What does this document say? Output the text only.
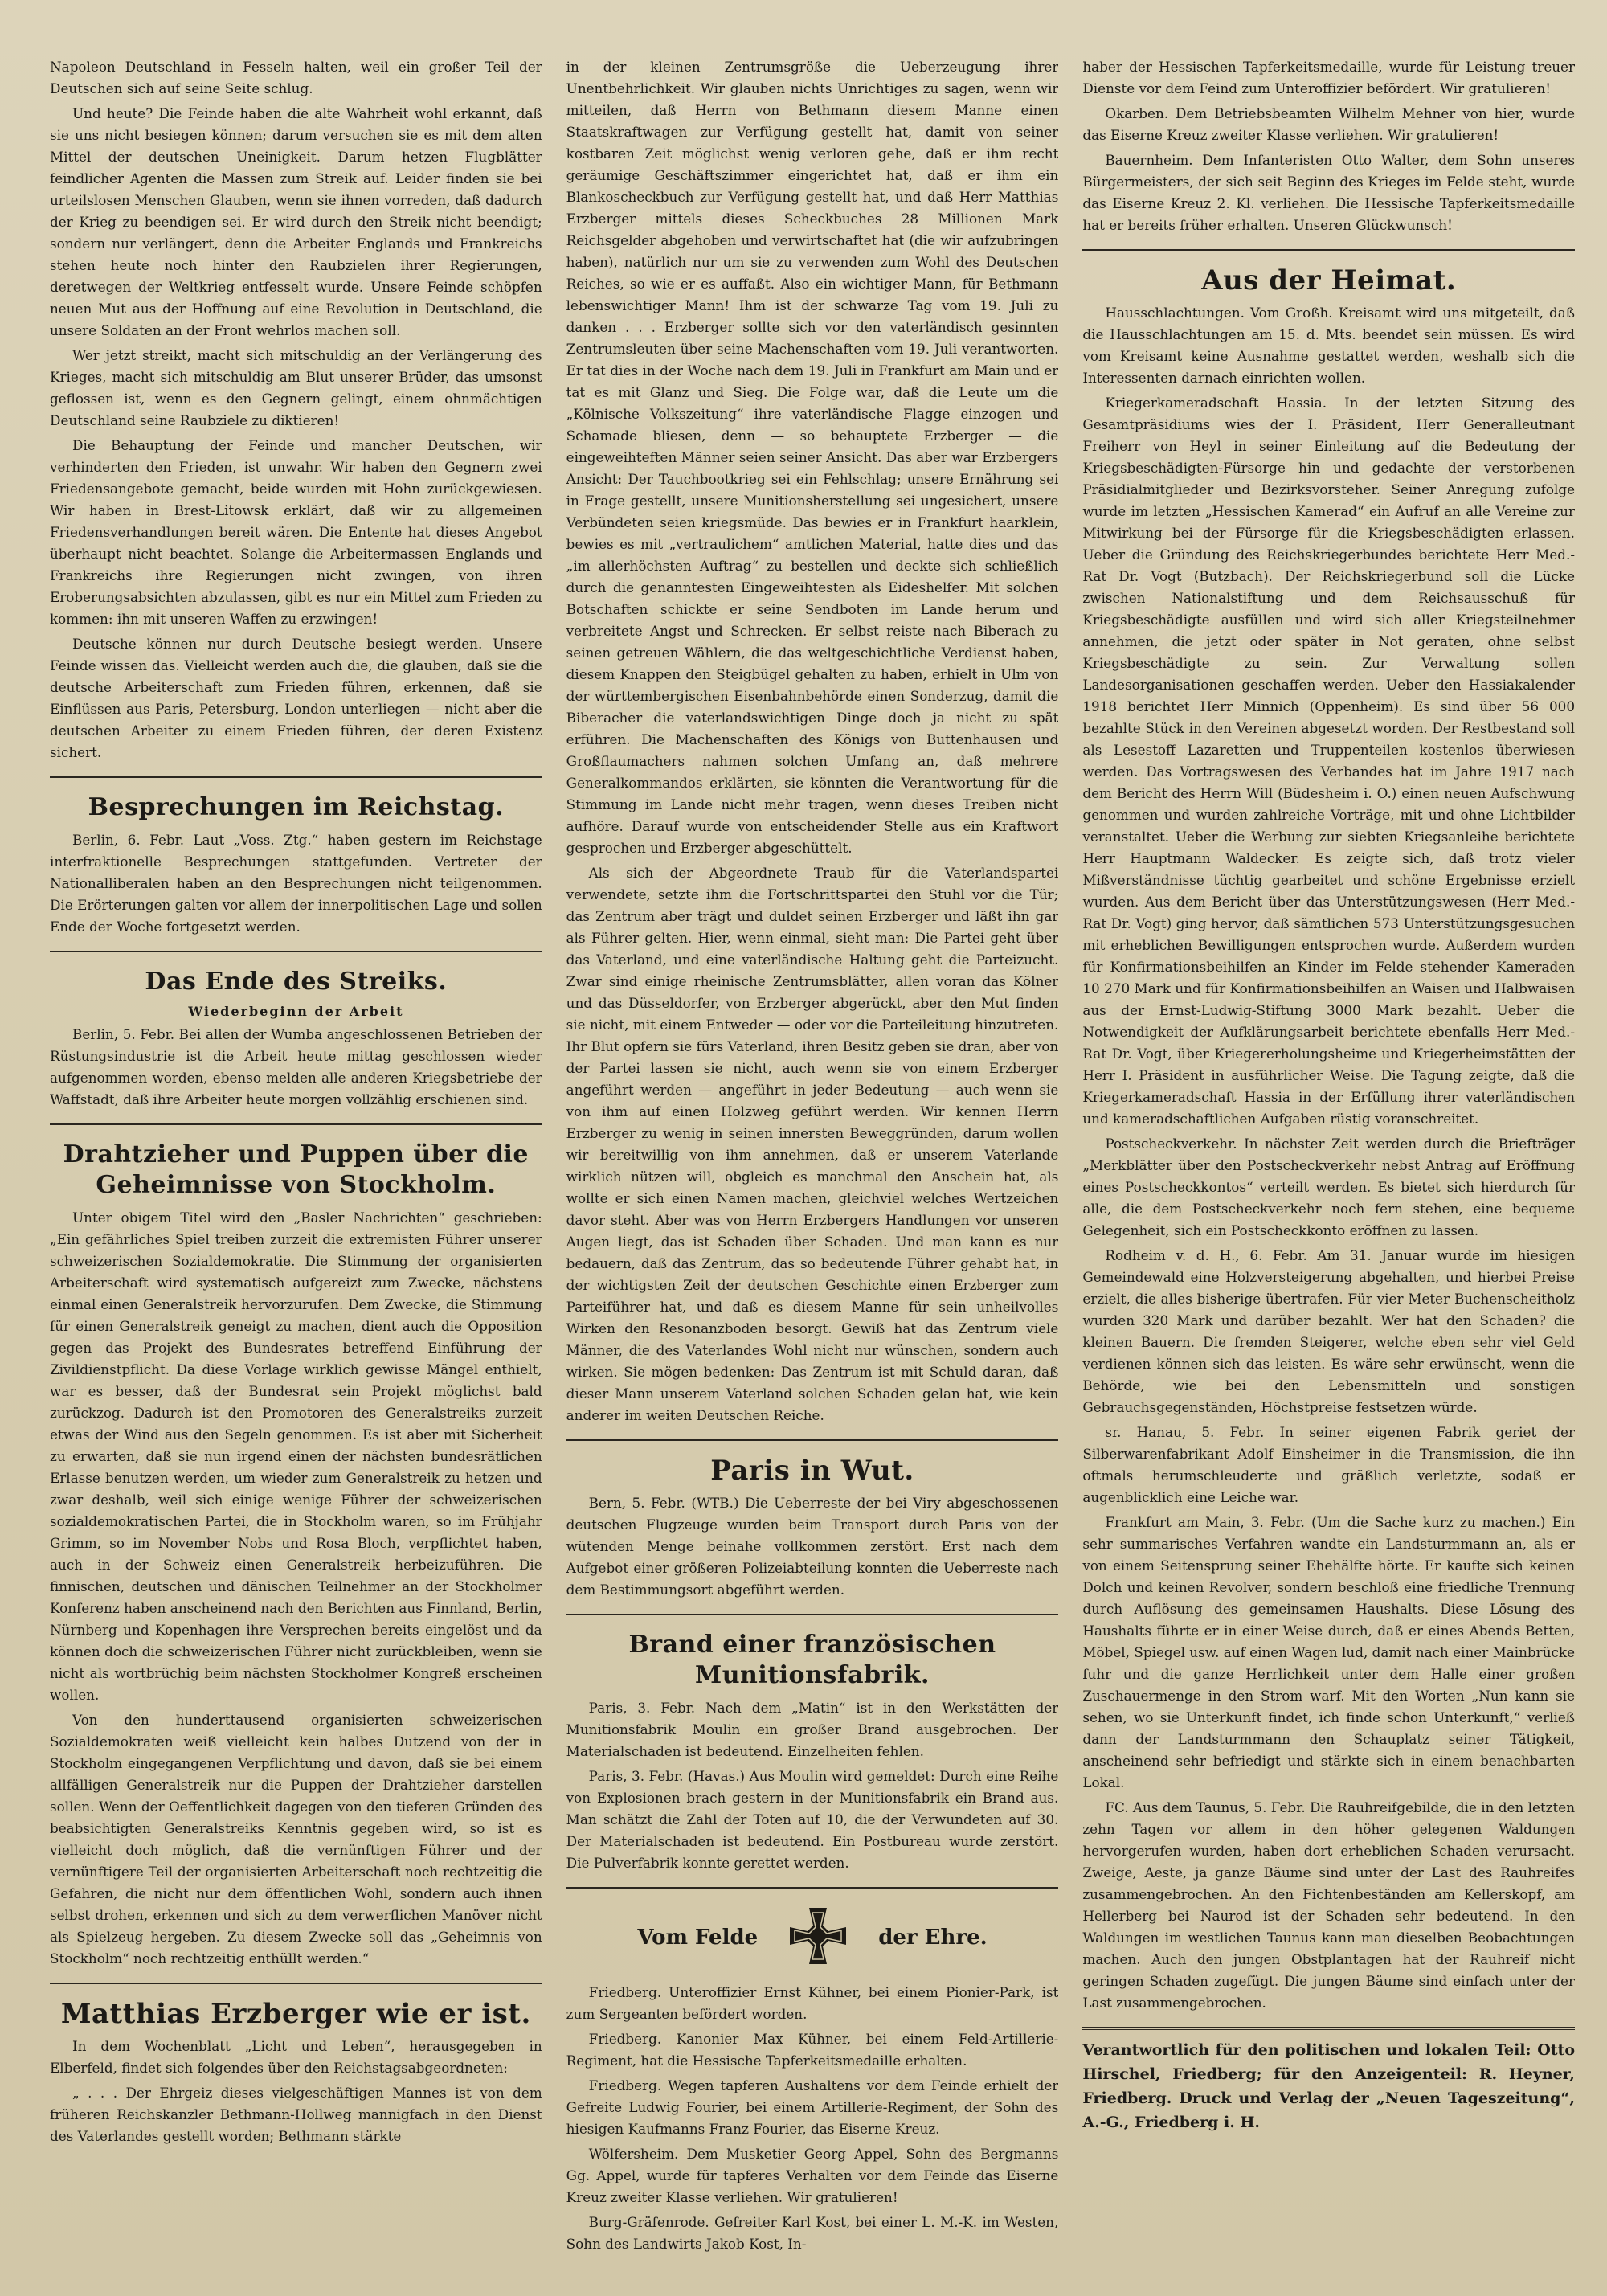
Napoleon Deutschland in Fesseln halten, weil ein großer Teil der Deutschen sich auf seine Seite schlug.

Und heute? Die Feinde haben die alte Wahrheit wohl erkannt, daß sie uns nicht besiegen können; darum versuchen sie es mit dem alten Mittel der deutschen Uneinigkeit. Darum hetzen Flugblätter feindlicher Agenten die Massen zum Streik auf. Leider finden sie bei urteilslosen Menschen Glauben, wenn sie ihnen vorreden, daß dadurch der Krieg zu beendigen sei. Er wird durch den Streik nicht beendigt; sondern nur verlängert, denn die Arbeiter Englands und Frankreichs stehen heute noch hinter den Raubzielen ihrer Regierungen, deretwegen der Weltkrieg entfesselt wurde. Unsere Feinde schöpfen neuen Mut aus der Hoffnung auf eine Revolution in Deutschland, die unsere Soldaten an der Front wehrlos machen soll.

Wer jetzt streikt, macht sich mitschuldig an der Verlängerung des Krieges, macht sich mitschuldig am Blut unserer Brüder, das umsonst geflossen ist, wenn es den Gegnern gelingt, einem ohnmächtigen Deutschland seine Raubziele zu diktieren!

Die Behauptung der Feinde und mancher Deutschen, wir verhinderten den Frieden, ist unwahr. Wir haben den Gegnern zwei Friedensangebote gemacht, beide wurden mit Hohn zurückgewiesen. Wir haben in Brest-Litowsk erklärt, daß wir zu allgemeinen Friedensverhandlungen bereit wären. Die Entente hat dieses Angebot überhaupt nicht beachtet. Solange die Arbeitermassen Englands und Frankreichs ihre Regierungen nicht zwingen, von ihren Eroberungsabsichten abzulassen, gibt es nur ein Mittel zum Frieden zu kommen: ihn mit unseren Waffen zu erzwingen!

Deutsche können nur durch Deutsche besiegt werden. Unsere Feinde wissen das. Vielleicht werden auch die, die glauben, daß sie die deutsche Arbeiterschaft zum Frieden führen, erkennen, daß sie Einflüssen aus Paris, Petersburg, London unterliegen — nicht aber die deutschen Arbeiter zu einem Frieden führen, der deren Existenz sichert.

Besprechungen im Reichstag.

Berlin, 6. Febr. Laut „Voss. Ztg.“ haben gestern im Reichstage interfraktionelle Besprechungen stattgefunden. Vertreter der Nationalliberalen haben an den Besprechungen nicht teilgenommen. Die Erörterungen galten vor allem der innerpolitischen Lage und sollen Ende der Woche fortgesetzt werden.

Das Ende des Streiks.
Wiederbeginn der Arbeit

Berlin, 5. Febr. Bei allen der Wumba angeschlossenen Betrieben der Rüstungsindustrie ist die Arbeit heute mittag geschlossen wieder aufgenommen worden, ebenso melden alle anderen Kriegsbetriebe der Waffstadt, daß ihre Arbeiter heute morgen vollzählig erschienen sind.

Drahtzieher und Puppen über die Geheimnisse von Stockholm.

Unter obigem Titel wird den „Basler Nachrichten“ geschrieben: „Ein gefährliches Spiel treiben zurzeit die extremisten Führer unserer schweizerischen Sozialdemokratie. Die Stimmung der organisierten Arbeiterschaft wird systematisch aufgereizt zum Zwecke, nächstens einmal einen Generalstreik hervorzurufen. Dem Zwecke, die Stimmung für einen Generalstreik geneigt zu machen, dient auch die Opposition gegen das Projekt des Bundesrates betreffend Einführung der Zivildienstpflicht. Da diese Vorlage wirklich gewisse Mängel enthielt, war es besser, daß der Bundesrat sein Projekt möglichst bald zurückzog. Dadurch ist den Promotoren des Generalstreiks zurzeit etwas der Wind aus den Segeln genommen. Es ist aber mit Sicherheit zu erwarten, daß sie nun irgend einen der nächsten bundesrätlichen Erlasse benutzen werden, um wieder zum Generalstreik zu hetzen und zwar deshalb, weil sich einige wenige Führer der schweizerischen sozialdemokratischen Partei, die in Stockholm waren, so im Frühjahr Grimm, so im November Nobs und Rosa Bloch, verpflichtet haben, auch in der Schweiz einen Generalstreik herbeizuführen. Die finnischen, deutschen und dänischen Teilnehmer an der Stockholmer Konferenz haben anscheinend nach den Berichten aus Finnland, Berlin, Nürnberg und Kopenhagen ihre Versprechen bereits eingelöst und da können doch die schweizerischen Führer nicht zurückbleiben, wenn sie nicht als wortbrüchig beim nächsten Stockholmer Kongreß erscheinen wollen.

Von den hunderttausend organisierten schweizerischen Sozialdemokraten weiß vielleicht kein halbes Dutzend von der in Stockholm eingegangenen Verpflichtung und davon, daß sie bei einem allfälligen Generalstreik nur die Puppen der Drahtzieher darstellen sollen. Wenn der Oeffentlichkeit dagegen von den tieferen Gründen des beabsichtigten Generalstreiks Kenntnis gegeben wird, so ist es vielleicht doch möglich, daß die vernünftigen Führer und der vernünftigere Teil der organisierten Arbeiterschaft noch rechtzeitig die Gefahren, die nicht nur dem öffentlichen Wohl, sondern auch ihnen selbst drohen, erkennen und sich zu dem verwerflichen Manöver nicht als Spielzeug hergeben. Zu diesem Zwecke soll das „Geheimnis von Stockholm“ noch rechtzeitig enthüllt werden.“

Matthias Erzberger wie er ist.

In dem Wochenblatt „Licht und Leben“, herausgegeben in Elberfeld, findet sich folgendes über den Reichstagsabgeordneten:

„ . . . Der Ehrgeiz dieses vielgeschäftigen Mannes ist von dem früheren Reichskanzler Bethmann-Hollweg mannigfach in den Dienst des Vaterlandes gestellt worden; Bethmann stärkte

in der kleinen Zentrumsgröße die Ueberzeugung ihrer Unentbehrlichkeit. Wir glauben nichts Unrichtiges zu sagen, wenn wir mitteilen, daß Herrn von Bethmann diesem Manne einen Staatskraftwagen zur Verfügung gestellt hat, damit von seiner kostbaren Zeit möglichst wenig verloren gehe, daß er ihm recht geräumige Geschäftszimmer eingerichtet hat, daß er ihm ein Blankoscheckbuch zur Verfügung gestellt hat, und daß Herr Matthias Erzberger mittels dieses Scheckbuches 28 Millionen Mark Reichsgelder abgehoben und verwirtschaftet hat (die wir aufzubringen haben), natürlich nur um sie zu verwenden zum Wohl des Deutschen Reiches, so wie er es auffaßt. Also ein wichtiger Mann, für Bethmann lebenswichtiger Mann! Ihm ist der schwarze Tag vom 19. Juli zu danken . . . Erzberger sollte sich vor den vaterländisch gesinnten Zentrumsleuten über seine Machenschaften vom 19. Juli verantworten. Er tat dies in der Woche nach dem 19. Juli in Frankfurt am Main und er tat es mit Glanz und Sieg. Die Folge war, daß die Leute um die „Kölnische Volkszeitung“ ihre vaterländische Flagge einzogen und Schamade bliesen, denn — so behauptete Erzberger — die eingeweihteften Männer seien seiner Ansicht. Das aber war Erzbergers Ansicht: Der Tauchbootkrieg sei ein Fehlschlag; unsere Ernährung sei in Frage gestellt, unsere Munitionsherstellung sei ungesichert, unsere Verbündeten seien kriegsmüde. Das bewies er in Frankfurt haarklein, bewies es mit „vertraulichem“ amtlichen Material, hatte dies und das „im allerhöchsten Auftrag“ zu bestellen und deckte sich schließlich durch die genanntesten Eingeweihtesten als Eideshelfer. Mit solchen Botschaften schickte er seine Sendboten im Lande herum und verbreitete Angst und Schrecken. Er selbst reiste nach Biberach zu seinen getreuen Wählern, die das weltgeschichtliche Verdienst haben, diesem Knappen den Steigbügel gehalten zu haben, erhielt in Ulm von der württembergischen Eisenbahnbehörde einen Sonderzug, damit die Biberacher die vaterlandswichtigen Dinge doch ja nicht zu spät erführen. Die Machenschaften des Königs von Buttenhausen und Großflaumachers nahmen solchen Umfang an, daß mehrere Generalkommandos erklärten, sie könnten die Verantwortung für die Stimmung im Lande nicht mehr tragen, wenn dieses Treiben nicht aufhöre. Darauf wurde von entscheidender Stelle aus ein Kraftwort gesprochen und Erzberger abgeschüttelt.

Als sich der Abgeordnete Traub für die Vaterlandspartei verwendete, setzte ihm die Fortschrittspartei den Stuhl vor die Tür; das Zentrum aber trägt und duldet seinen Erzberger und läßt ihn gar als Führer gelten. Hier, wenn einmal, sieht man: Die Partei geht über das Vaterland, und eine vaterländische Haltung geht die Parteizucht. Zwar sind einige rheinische Zentrumsblätter, allen voran das Kölner und das Düsseldorfer, von Erzberger abgerückt, aber den Mut finden sie nicht, mit einem Entweder — oder vor die Parteileitung hinzutreten. Ihr Blut opfern sie fürs Vaterland, ihren Besitz geben sie dran, aber von der Partei lassen sie nicht, auch wenn sie von einem Erzberger angeführt werden — angeführt in jeder Bedeutung — auch wenn sie von ihm auf einen Holzweg geführt werden. Wir kennen Herrn Erzberger zu wenig in seinen innersten Beweggründen, darum wollen wir bereitwillig von ihm annehmen, daß er unserem Vaterlande wirklich nützen will, obgleich es manchmal den Anschein hat, als wollte er sich einen Namen machen, gleichviel welches Wertzeichen davor steht. Aber was von Herrn Erzbergers Handlungen vor unseren Augen liegt, das ist Schaden über Schaden. Und man kann es nur bedauern, daß das Zentrum, das so bedeutende Führer gehabt hat, in der wichtigsten Zeit der deutschen Geschichte einen Erzberger zum Parteiführer hat, und daß es diesem Manne für sein unheilvolles Wirken den Resonanzboden besorgt. Gewiß hat das Zentrum viele Männer, die des Vaterlandes Wohl nicht nur wünschen, sondern auch wirken. Sie mögen bedenken: Das Zentrum ist mit Schuld daran, daß dieser Mann unserem Vaterland solchen Schaden gelan hat, wie kein anderer im weiten Deutschen Reiche.

Paris in Wut.

Bern, 5. Febr. (WTB.) Die Ueberreste der bei Viry abgeschossenen deutschen Flugzeuge wurden beim Transport durch Paris von der wütenden Menge beinahe vollkommen zerstört. Erst nach dem Aufgebot einer größeren Polizeiabteilung konnten die Ueberreste nach dem Bestimmungsort abgeführt werden.

Brand einer französischen Munitionsfabrik.

Paris, 3. Febr. Nach dem „Matin“ ist in den Werkstätten der Munitionsfabrik Moulin ein großer Brand ausgebrochen. Der Materialschaden ist bedeutend. Einzelheiten fehlen.

Paris, 3. Febr. (Havas.) Aus Moulin wird gemeldet: Durch eine Reihe von Explosionen brach gestern in der Munitionsfabrik ein Brand aus. Man schätzt die Zahl der Toten auf 10, die der Verwundeten auf 30. Der Materialschaden ist bedeutend. Ein Postbureau wurde zerstört. Die Pulverfabrik konnte gerettet werden.

Vom Felde	der Ehre.

Friedberg. Unteroffizier Ernst Kühner, bei einem Pionier-Park, ist zum Sergeanten befördert worden.

Friedberg. Kanonier Max Kühner, bei einem Feld-Artillerie-Regiment, hat die Hessische Tapferkeitsmedaille erhalten.

Friedberg. Wegen tapferen Aushaltens vor dem Feinde erhielt der Gefreite Ludwig Fourier, bei einem Artillerie-Regiment, der Sohn des hiesigen Kaufmanns Franz Fourier, das Eiserne Kreuz.

Wölfersheim. Dem Musketier Georg Appel, Sohn des Bergmanns Gg. Appel, wurde für tapferes Verhalten vor dem Feinde das Eiserne Kreuz zweiter Klasse verliehen. Wir gratulieren!

Burg-Gräfenrode. Gefreiter Karl Kost, bei einer L. M.-K. im Westen, Sohn des Landwirts Jakob Kost, In-

haber der Hessischen Tapferkeitsmedaille, wurde für Leistung treuer Dienste vor dem Feind zum Unteroffizier befördert. Wir gratulieren!

Okarben. Dem Betriebsbeamten Wilhelm Mehner von hier, wurde das Eiserne Kreuz zweiter Klasse verliehen. Wir gratulieren!

Bauernheim. Dem Infanteristen Otto Walter, dem Sohn unseres Bürgermeisters, der sich seit Beginn des Krieges im Felde steht, wurde das Eiserne Kreuz 2. Kl. verliehen. Die Hessische Tapferkeitsmedaille hat er bereits früher erhalten. Unseren Glückwunsch!

Aus der Heimat.

Hausschlachtungen. Vom Großh. Kreisamt wird uns mitgeteilt, daß die Hausschlachtungen am 15. d. Mts. beendet sein müssen. Es wird vom Kreisamt keine Ausnahme gestattet werden, weshalb sich die Interessenten darnach einrichten wollen.

Kriegerkameradschaft Hassia. In der letzten Sitzung des Gesamtpräsidiums wies der I. Präsident, Herr Generalleutnant Freiherr von Heyl in seiner Einleitung auf die Bedeutung der Kriegsbeschädigten-Fürsorge hin und gedachte der verstorbenen Präsidialmitglieder und Bezirksvorsteher. Seiner Anregung zufolge wurde im letzten „Hessischen Kamerad“ ein Aufruf an alle Vereine zur Mitwirkung bei der Fürsorge für die Kriegsbeschädigten erlassen. Ueber die Gründung des Reichskriegerbundes berichtete Herr Med.-Rat Dr. Vogt (Butzbach). Der Reichskriegerbund soll die Lücke zwischen Nationalstiftung und dem Reichsausschuß für Kriegsbeschädigte ausfüllen und wird sich aller Kriegsteilnehmer annehmen, die jetzt oder später in Not geraten, ohne selbst Kriegsbeschädigte zu sein. Zur Verwaltung sollen Landesorganisationen geschaffen werden. Ueber den Hassiakalender 1918 berichtet Herr Minnich (Oppenheim). Es sind über 56 000 bezahlte Stück in den Vereinen abgesetzt worden. Der Restbestand soll als Lesestoff Lazaretten und Truppenteilen kostenlos überwiesen werden. Das Vortragswesen des Verbandes hat im Jahre 1917 nach dem Bericht des Herrn Will (Büdesheim i. O.) einen neuen Aufschwung genommen und wurden zahlreiche Vorträge, mit und ohne Lichtbilder veranstaltet. Ueber die Werbung zur siebten Kriegsanleihe berichtete Herr Hauptmann Waldecker. Es zeigte sich, daß trotz vieler Mißverständnisse tüchtig gearbeitet und schöne Ergebnisse erzielt wurden. Aus dem Bericht über das Unterstützungswesen (Herr Med.-Rat Dr. Vogt) ging hervor, daß sämtlichen 573 Unterstützungsgesuchen mit erheblichen Bewilligungen entsprochen wurde. Außerdem wurden für Konfirmationsbeihilfen an Kinder im Felde stehender Kameraden 10 270 Mark und für Konfirmationsbeihilfen an Waisen und Halbwaisen aus der Ernst-Ludwig-Stiftung 3000 Mark bezahlt. Ueber die Notwendigkeit der Aufklärungsarbeit berichtete ebenfalls Herr Med.-Rat Dr. Vogt, über Kriegererholungsheime und Kriegerheimstätten der Herr I. Präsident in ausführlicher Weise. Die Tagung zeigte, daß die Kriegerkameradschaft Hassia in der Erfüllung ihrer vaterländischen und kameradschaftlichen Aufgaben rüstig voranschreitet.

Postscheckverkehr. In nächster Zeit werden durch die Briefträger „Merkblätter über den Postscheckverkehr nebst Antrag auf Eröffnung eines Postscheckkontos“ verteilt werden. Es bietet sich hierdurch für alle, die dem Postscheckverkehr noch fern stehen, eine bequeme Gelegenheit, sich ein Postscheckkonto eröffnen zu lassen.

Rodheim v. d. H., 6. Febr. Am 31. Januar wurde im hiesigen Gemeindewald eine Holzversteigerung abgehalten, und hierbei Preise erzielt, die alles bisherige übertrafen. Für vier Meter Buchenscheitholz wurden 320 Mark und darüber bezahlt. Wer hat den Schaden? die kleinen Bauern. Die fremden Steigerer, welche eben sehr viel Geld verdienen können sich das leisten. Es wäre sehr erwünscht, wenn die Behörde, wie bei den Lebensmitteln und sonstigen Gebrauchsgegenständen, Höchstpreise festsetzen würde.

sr. Hanau, 5. Febr. In seiner eigenen Fabrik geriet der Silberwarenfabrikant Adolf Einsheimer in die Transmission, die ihn oftmals herumschleuderte und gräßlich verletzte, sodaß er augenblicklich eine Leiche war.

Frankfurt am Main, 3. Febr. (Um die Sache kurz zu machen.) Ein sehr summarisches Verfahren wandte ein Landsturmmann an, als er von einem Seitensprung seiner Ehehälfte hörte. Er kaufte sich keinen Dolch und keinen Revolver, sondern beschloß eine friedliche Trennung durch Auflösung des gemeinsamen Haushalts. Diese Lösung des Haushalts führte er in einer Weise durch, daß er eines Abends Betten, Möbel, Spiegel usw. auf einen Wagen lud, damit nach einer Mainbrücke fuhr und die ganze Herrlichkeit unter dem Halle einer großen Zuschauermenge in den Strom warf. Mit den Worten „Nun kann sie sehen, wo sie Unterkunft findet, ich finde schon Unterkunft,“ verließ dann der Landsturmmann den Schauplatz seiner Tätigkeit, anscheinend sehr befriedigt und stärkte sich in einem benachbarten Lokal.

FC. Aus dem Taunus, 5. Febr. Die Rauhreifgebilde, die in den letzten zehn Tagen vor allem in den höher gelegenen Waldungen hervorgerufen wurden, haben dort erheblichen Schaden verursacht. Zweige, Aeste, ja ganze Bäume sind unter der Last des Rauhreifes zusammengebrochen. An den Fichtenbeständen am Kellerskopf, am Hellerberg bei Naurod ist der Schaden sehr bedeutend. In den Waldungen im westlichen Taunus kann man dieselben Beobachtungen machen. Auch den jungen Obstplantagen hat der Rauhreif nicht geringen Schaden zugefügt. Die jungen Bäume sind einfach unter der Last zusammengebrochen.

Verantwortlich für den politischen und lokalen Teil: Otto Hirschel, Friedberg; für den Anzeigenteil: R. Heyner, Friedberg. Druck und Verlag der „Neuen Tageszeitung“, A.-G., Friedberg i. H.
